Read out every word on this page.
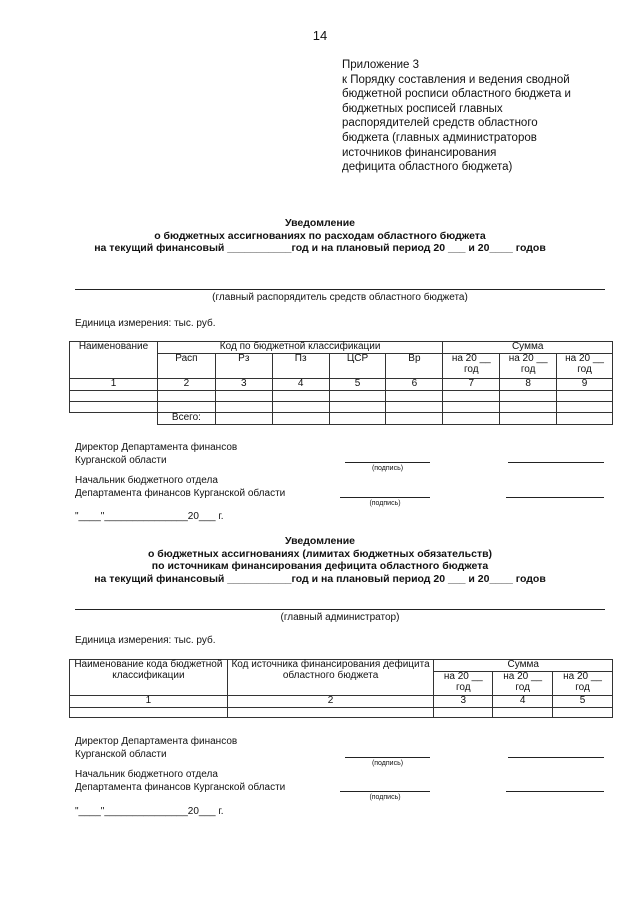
14
Приложение 3
к Порядку составления и ведения сводной
бюджетной росписи областного бюджета и
бюджетных росписей главных
распорядителей средств областного
бюджета (главных администраторов
источников финансирования
дефицита областного бюджета)
Уведомление
о бюджетных ассигнованиях по расходам областного бюджета
на текущий финансовый ___________год и на плановый период 20 ___ и 20____ годов
(главный распорядитель средств областного бюджета)
Единица измерения: тыс. руб.
Наименование	Код по бюджетной классификации					Сумма		
	Расп	Рз	Пз	ЦСР	Вр	на 20 __ год	на 20 __ год	на 20 __ год
1	2	3	4	5	6	7	8	9

	Всего:							
Директор Департамента финансов
Курганской области
(подпись)
Начальник бюджетного отдела
Департамента финансов Курганской области
(подпись)
"____"_______________20___ г.
Уведомление
о бюджетных ассигнованиях (лимитах бюджетных обязательств)
по источникам финансирования дефицита областного бюджета
на текущий финансовый ___________год и на плановый период 20 ___ и 20____ годов
(главный администратор)
Единица измерения: тыс. руб.
Наименование кода бюджетной классификации	Код источника финансирования дефицита областного бюджета	Сумма		
		на 20 __ год	на 20 __ год	на 20 __ год
1	2	3	4	5

Директор Департамента финансов
Курганской области
(подпись)
Начальник бюджетного отдела
Департамента финансов Курганской области
(подпись)
"____"_______________20___ г.
